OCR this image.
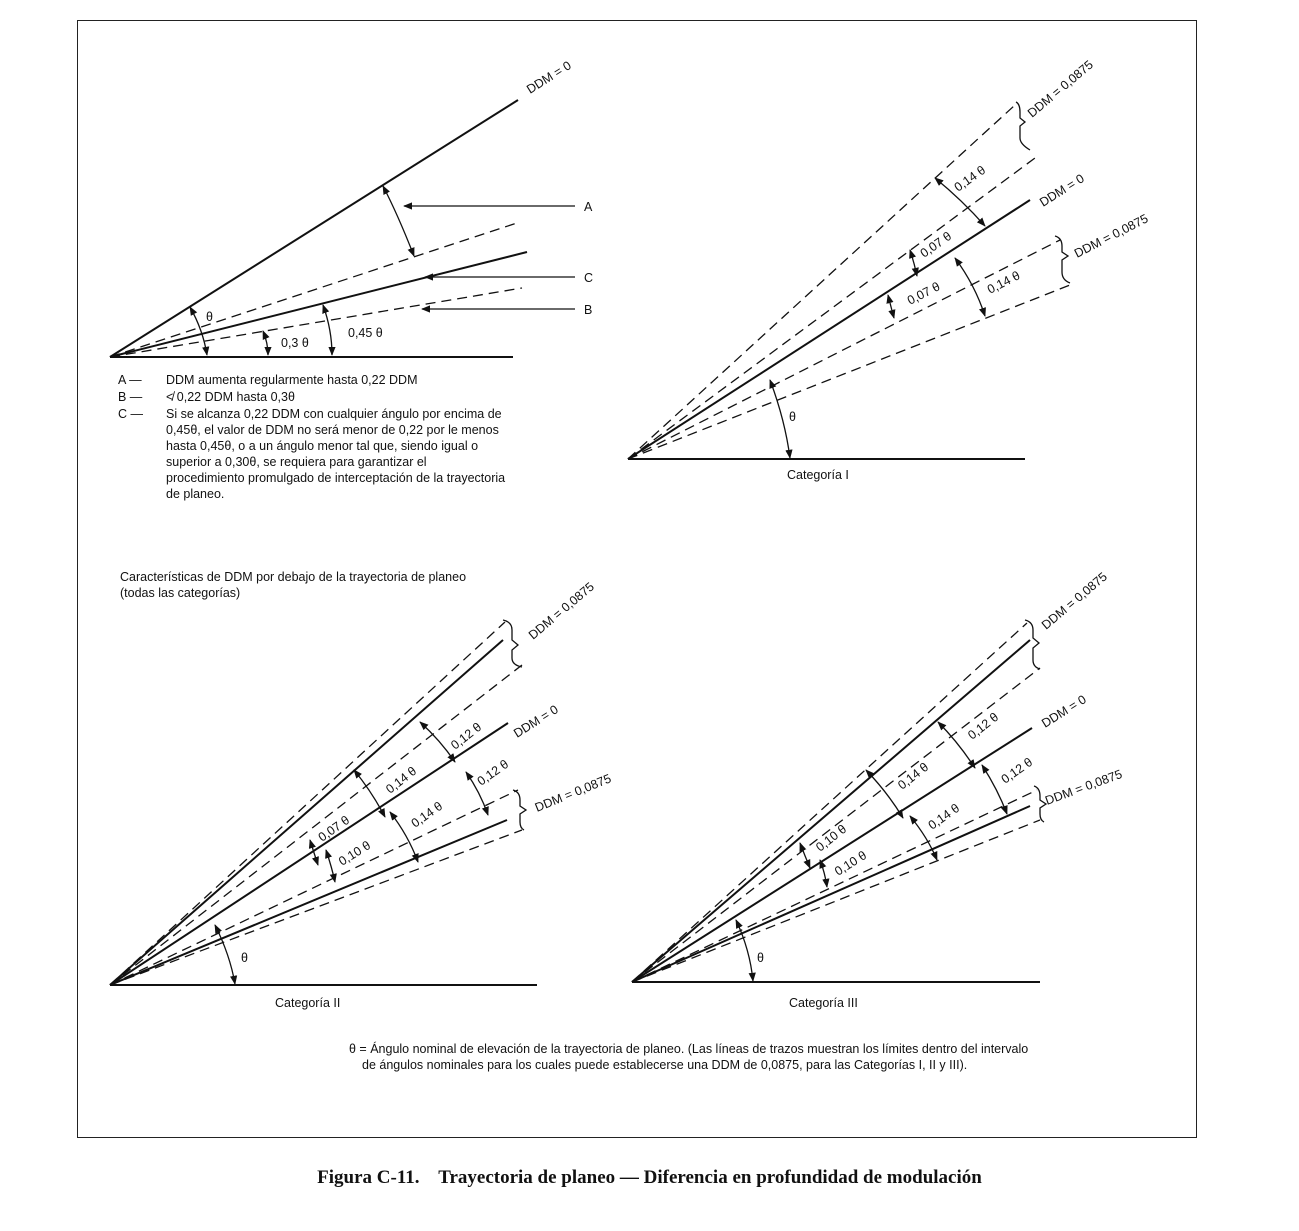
DDM = 0
A
C
B
θ
0,3 θ
0,45 θ
DDM = 0,0875
DDM = 0
DDM = 0,0875
0,14 θ
0,07 θ
0,07 θ	0,14 θ
θ
DDM = 0,0875
DDM = 0
DDM = 0,0875
0,12 θ
0,14 θ
0,07 θ
0,10 θ
0,14 θ
0,12 θ
θ
DDM = 0,0875
DDM = 0
DDM = 0,0875
0,12 θ
0,14 θ
0,10 θ
0,10 θ
0,14 θ
0,12 θ
θ
Categoría I
Categoría II	Categoría III
A —	DDM aumenta regularmente hasta 0,22 DDM
B —	≮ 0,22 DDM hasta 0,3θ
C —	Si se alcanza 0,22 DDM con cualquier ángulo por encima de 0,45θ, el valor de DDM no será menor de 0,22 por le menos hasta 0,45θ, o a un ángulo menor tal que, siendo igual o superior a 0,30θ, se requiera para garantizar el procedimiento promulgado de interceptación de la trayectoria de planeo.
Características de DDM por debajo de la trayectoria de planeo (todas las categorías)
θ = Ángulo nominal de elevación de la trayectoria de planeo. (Las líneas de trazos muestran los límites dentro del intervalo
de ángulos nominales para los cuales puede establecerse una DDM de 0,0875, para las Categorías I, II y III).
Figura C-11.    Trayectoria de planeo — Diferencia en profundidad de modulación
